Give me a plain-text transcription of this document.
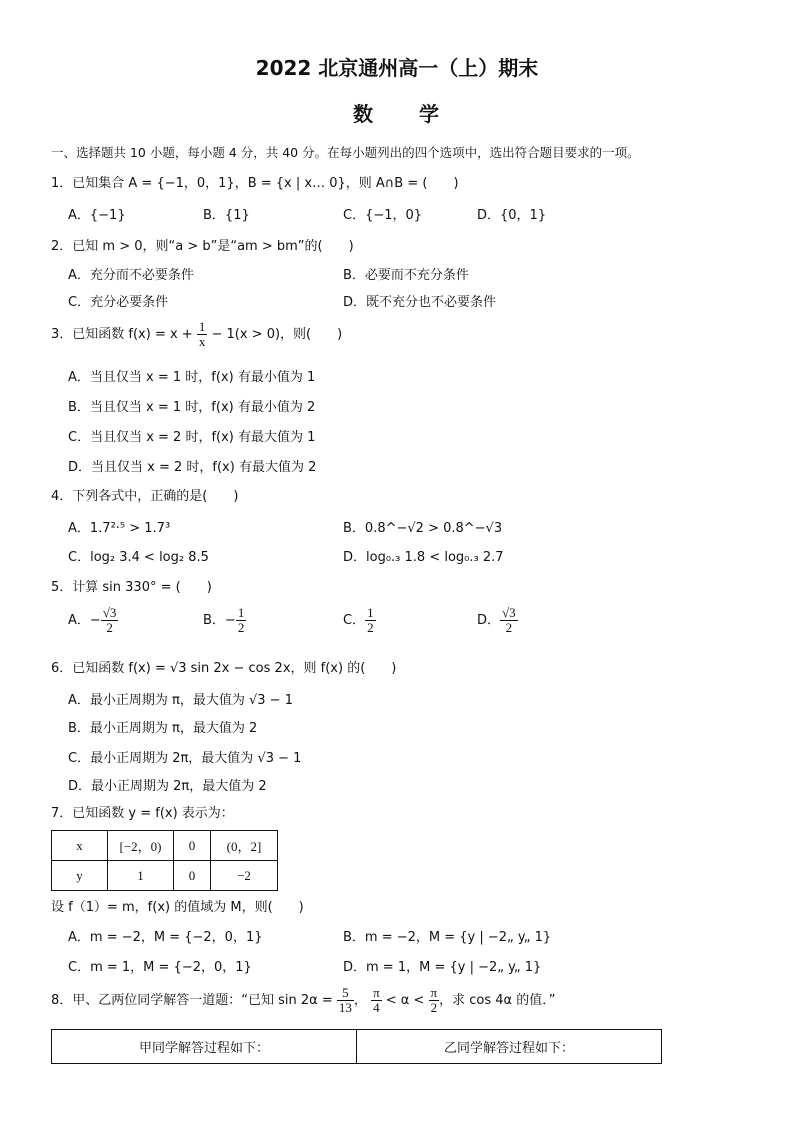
2022 北京通州高一（上）期末
数　　学
一、选择题共 10 小题，每小题 4 分，共 40 分。在每小题列出的四个选项中，选出符合题目要求的一项。
1．已知集合 A = {−1，0，1}，B = {x | x… 0}，则 A∩B = (　　)
A．{−1}	B．{1}	C．{−1，0}	D．{0，1}
2．已知 m > 0，则“a > b”是“am > bm”的(　　)
A．充分而不必要条件	B．必要而不充分条件
C．充分必要条件	D．既不充分也不必要条件
3．已知函数 $f(x) = x + \frac{1}{x} - 1(x > 0)$，则(　　)
A．当且仅当 x = 1 时，f(x) 有最小值为 1
B．当且仅当 x = 1 时，f(x) 有最小值为 2
C．当且仅当 x = 2 时，f(x) 有最大值为 1
D．当且仅当 x = 2 时，f(x) 有最大值为 2
4．下列各式中，正确的是(　　)
A．1.7²·⁵ > 1.7³	B．0.8^−√2 > 0.8^−√3
C．log₂ 3.4 < log₂ 8.5	D．log₀.₃ 1.8 < log₀.₃ 2.7
5．计算 sin 330° = (　　)
A．− $\frac{√3}{2}$	B．− $\frac{1}{2}$	C． $\frac{1}{2}$	D． $\frac{√3}{2}$
6．已知函数 f(x) = √3 sin 2x − cos 2x，则 f(x) 的(　　)
A．最小正周期为 π，最大值为 √3 − 1
B．最小正周期为 π，最大值为 2
C．最小正周期为 2π，最大值为 √3 − 1
D．最小正周期为 2π，最大值为 2
7．已知函数 y = f(x) 表示为：
x	[−2，0)	0	(0，2]
y	1	0	−2
设 f（1）= m，f(x) 的值域为 M，则(　　)
A．m = −2，M = {−2，0，1}	B．m = −2，M = {y | −2„ y„ 1}
C．m = 1，M = {−2，0，1}	D．m = 1，M = {y | −2„ y„ 1}
8．甲、乙两位同学解答一道题：“已知 $\sin 2\alpha = \frac{5}{13}$ ， $\frac{\pi}{4} < \alpha < \frac{\pi}{2}$ ，求 cos 4α 的值．”
甲同学解答过程如下：	乙同学解答过程如下：
